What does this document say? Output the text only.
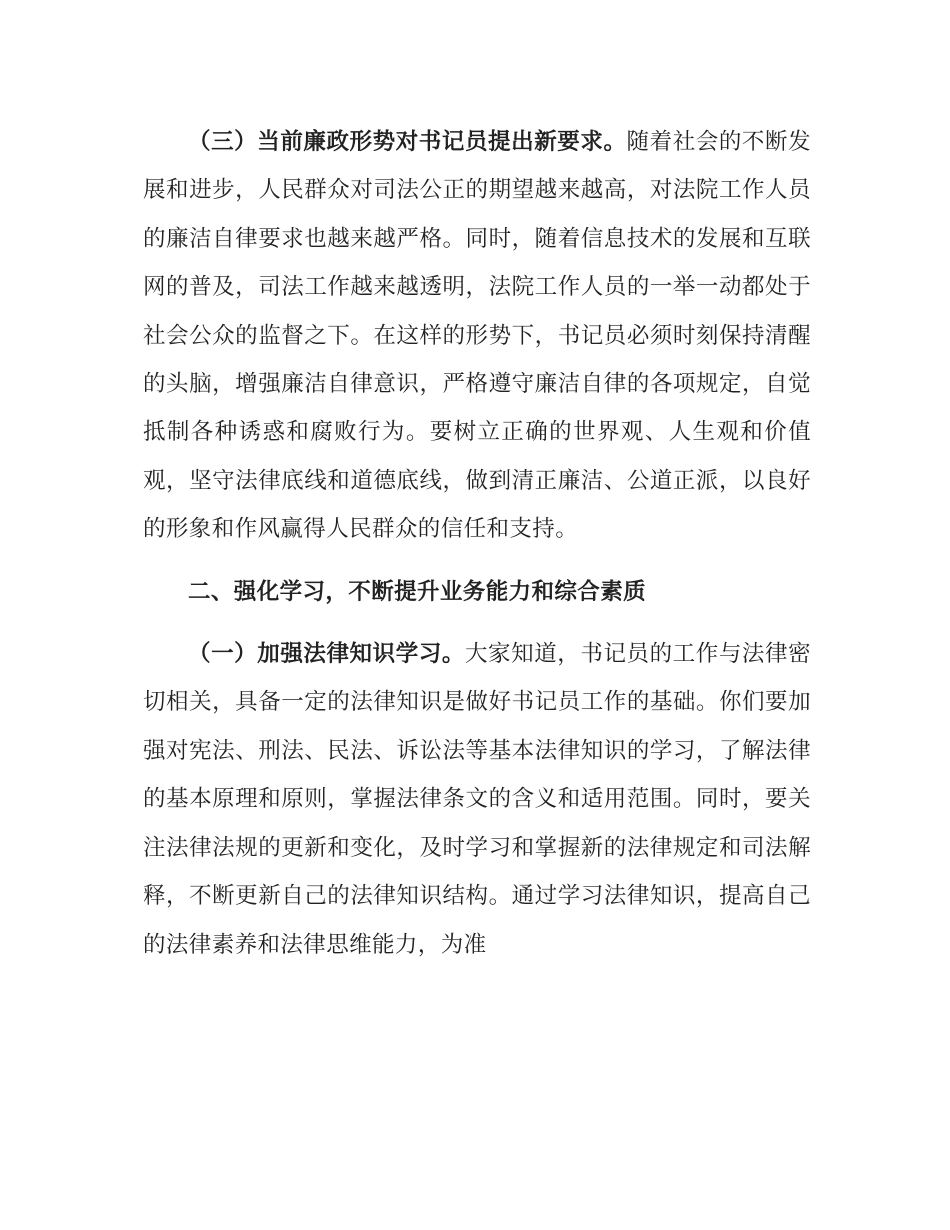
（三）当前廉政形势对书记员提出新要求。随着社会的不断发展和进步，人民群众对司法公正的期望越来越高，对法院工作人员的廉洁自律要求也越来越严格。同时，随着信息技术的发展和互联网的普及，司法工作越来越透明，法院工作人员的一举一动都处于社会公众的监督之下。在这样的形势下，书记员必须时刻保持清醒的头脑，增强廉洁自律意识，严格遵守廉洁自律的各项规定，自觉抵制各种诱惑和腐败行为。要树立正确的世界观、人生观和价值观，坚守法律底线和道德底线，做到清正廉洁、公道正派，以良好的形象和作风赢得人民群众的信任和支持。

二、强化学习，不断提升业务能力和综合素质

（一）加强法律知识学习。大家知道，书记员的工作与法律密切相关，具备一定的法律知识是做好书记员工作的基础。你们要加强对宪法、刑法、民法、诉讼法等基本法律知识的学习，了解法律的基本原理和原则，掌握法律条文的含义和适用范围。同时，要关注法律法规的更新和变化，及时学习和掌握新的法律规定和司法解释，不断更新自己的法律知识结构。通过学习法律知识，提高自己的法律素养和法律思维能力，为准
